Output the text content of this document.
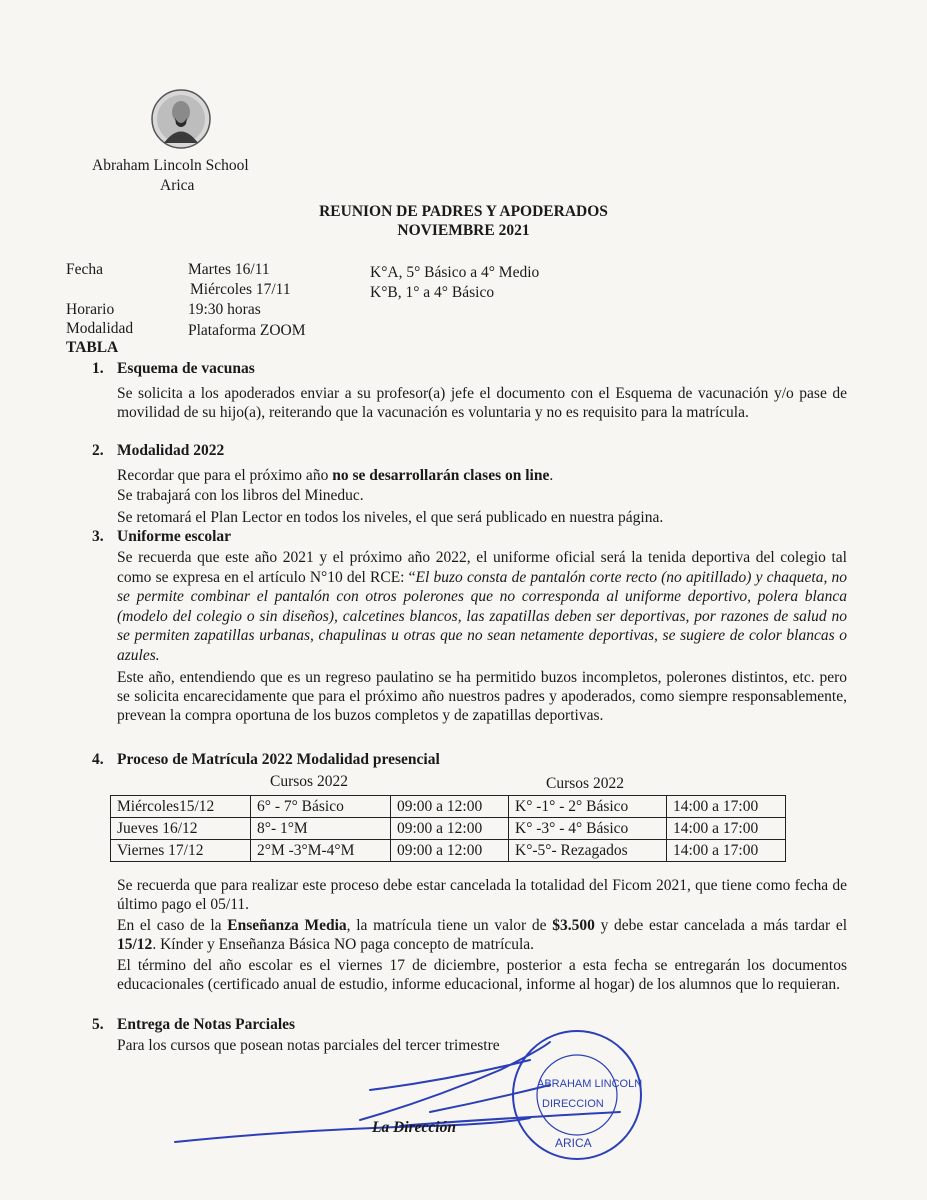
Abraham Lincoln School
Arica
REUNION DE PADRES Y APODERADOS
NOVIEMBRE 2021
Fecha	Martes 16/11
Miércoles 17/11
K°A, 5° Básico a 4° Medio
K°B, 1° a 4° Básico
Horario	19:30 horas
Modalidad	Plataforma ZOOM
TABLA
1. Esquema de vacunas
Se solicita a los apoderados enviar a su profesor(a) jefe el documento con el Esquema de vacunación y/o pase de movilidad de su hijo(a), reiterando que la vacunación es voluntaria y no es requisito para la matrícula.
2. Modalidad 2022
Recordar que para el próximo año no se desarrollarán clases on line.
Se trabajará con los libros del Mineduc.
Se retomará el Plan Lector en todos los niveles, el que será publicado en nuestra página.
3. Uniforme escolar
Se recuerda que este año 2021 y el próximo año 2022, el uniforme oficial será la tenida deportiva del colegio tal como se expresa en el artículo N°10 del RCE: “El buzo consta de pantalón corte recto (no apitillado) y chaqueta, no se permite combinar el pantalón con otros polerones que no corresponda al uniforme deportivo, polera blanca (modelo del colegio o sin diseños), calcetines blancos, las zapatillas deben ser deportivas, por razones de salud no se permiten zapatillas urbanas, chapulinas u otras que no sean netamente deportivas, se sugiere de color blancas o azules.
Este año, entendiendo que es un regreso paulatino se ha permitido buzos incompletos, polerones distintos, etc. pero se solicita encarecidamente que para el próximo año nuestros padres y apoderados, como siempre responsablemente, prevean la compra oportuna de los buzos completos y de zapatillas deportivas.
4. Proceso de Matrícula 2022 Modalidad presencial
Cursos 2022	Cursos 2022
Miércoles15/12	6° - 7° Básico	09:00 a 12:00	K° -1° - 2° Básico	14:00 a 17:00
Jueves 16/12	8°- 1°M	09:00 a 12:00	K° -3° - 4° Básico	14:00 a 17:00
Viernes 17/12	2°M -3°M-4°M	09:00 a 12:00	K°-5°- Rezagados	14:00 a 17:00
Se recuerda que para realizar este proceso debe estar cancelada la totalidad del Ficom 2021, que tiene como fecha de último pago el 05/11.
En el caso de la Enseñanza Media, la matrícula tiene un valor de $3.500 y debe estar cancelada a más tardar el 15/12. Kínder y Enseñanza Básica NO paga concepto de matrícula.
El término del año escolar es el viernes 17 de diciembre, posterior a esta fecha se entregarán los documentos educacionales (certificado anual de estudio, informe educacional, informe al hogar) de los alumnos que lo requieran.
5. Entrega de Notas Parciales
Para los cursos que posean notas parciales del tercer trimestre
La Dirección
ABRAHAM LINCOLN
DIRECCION
ARICA
